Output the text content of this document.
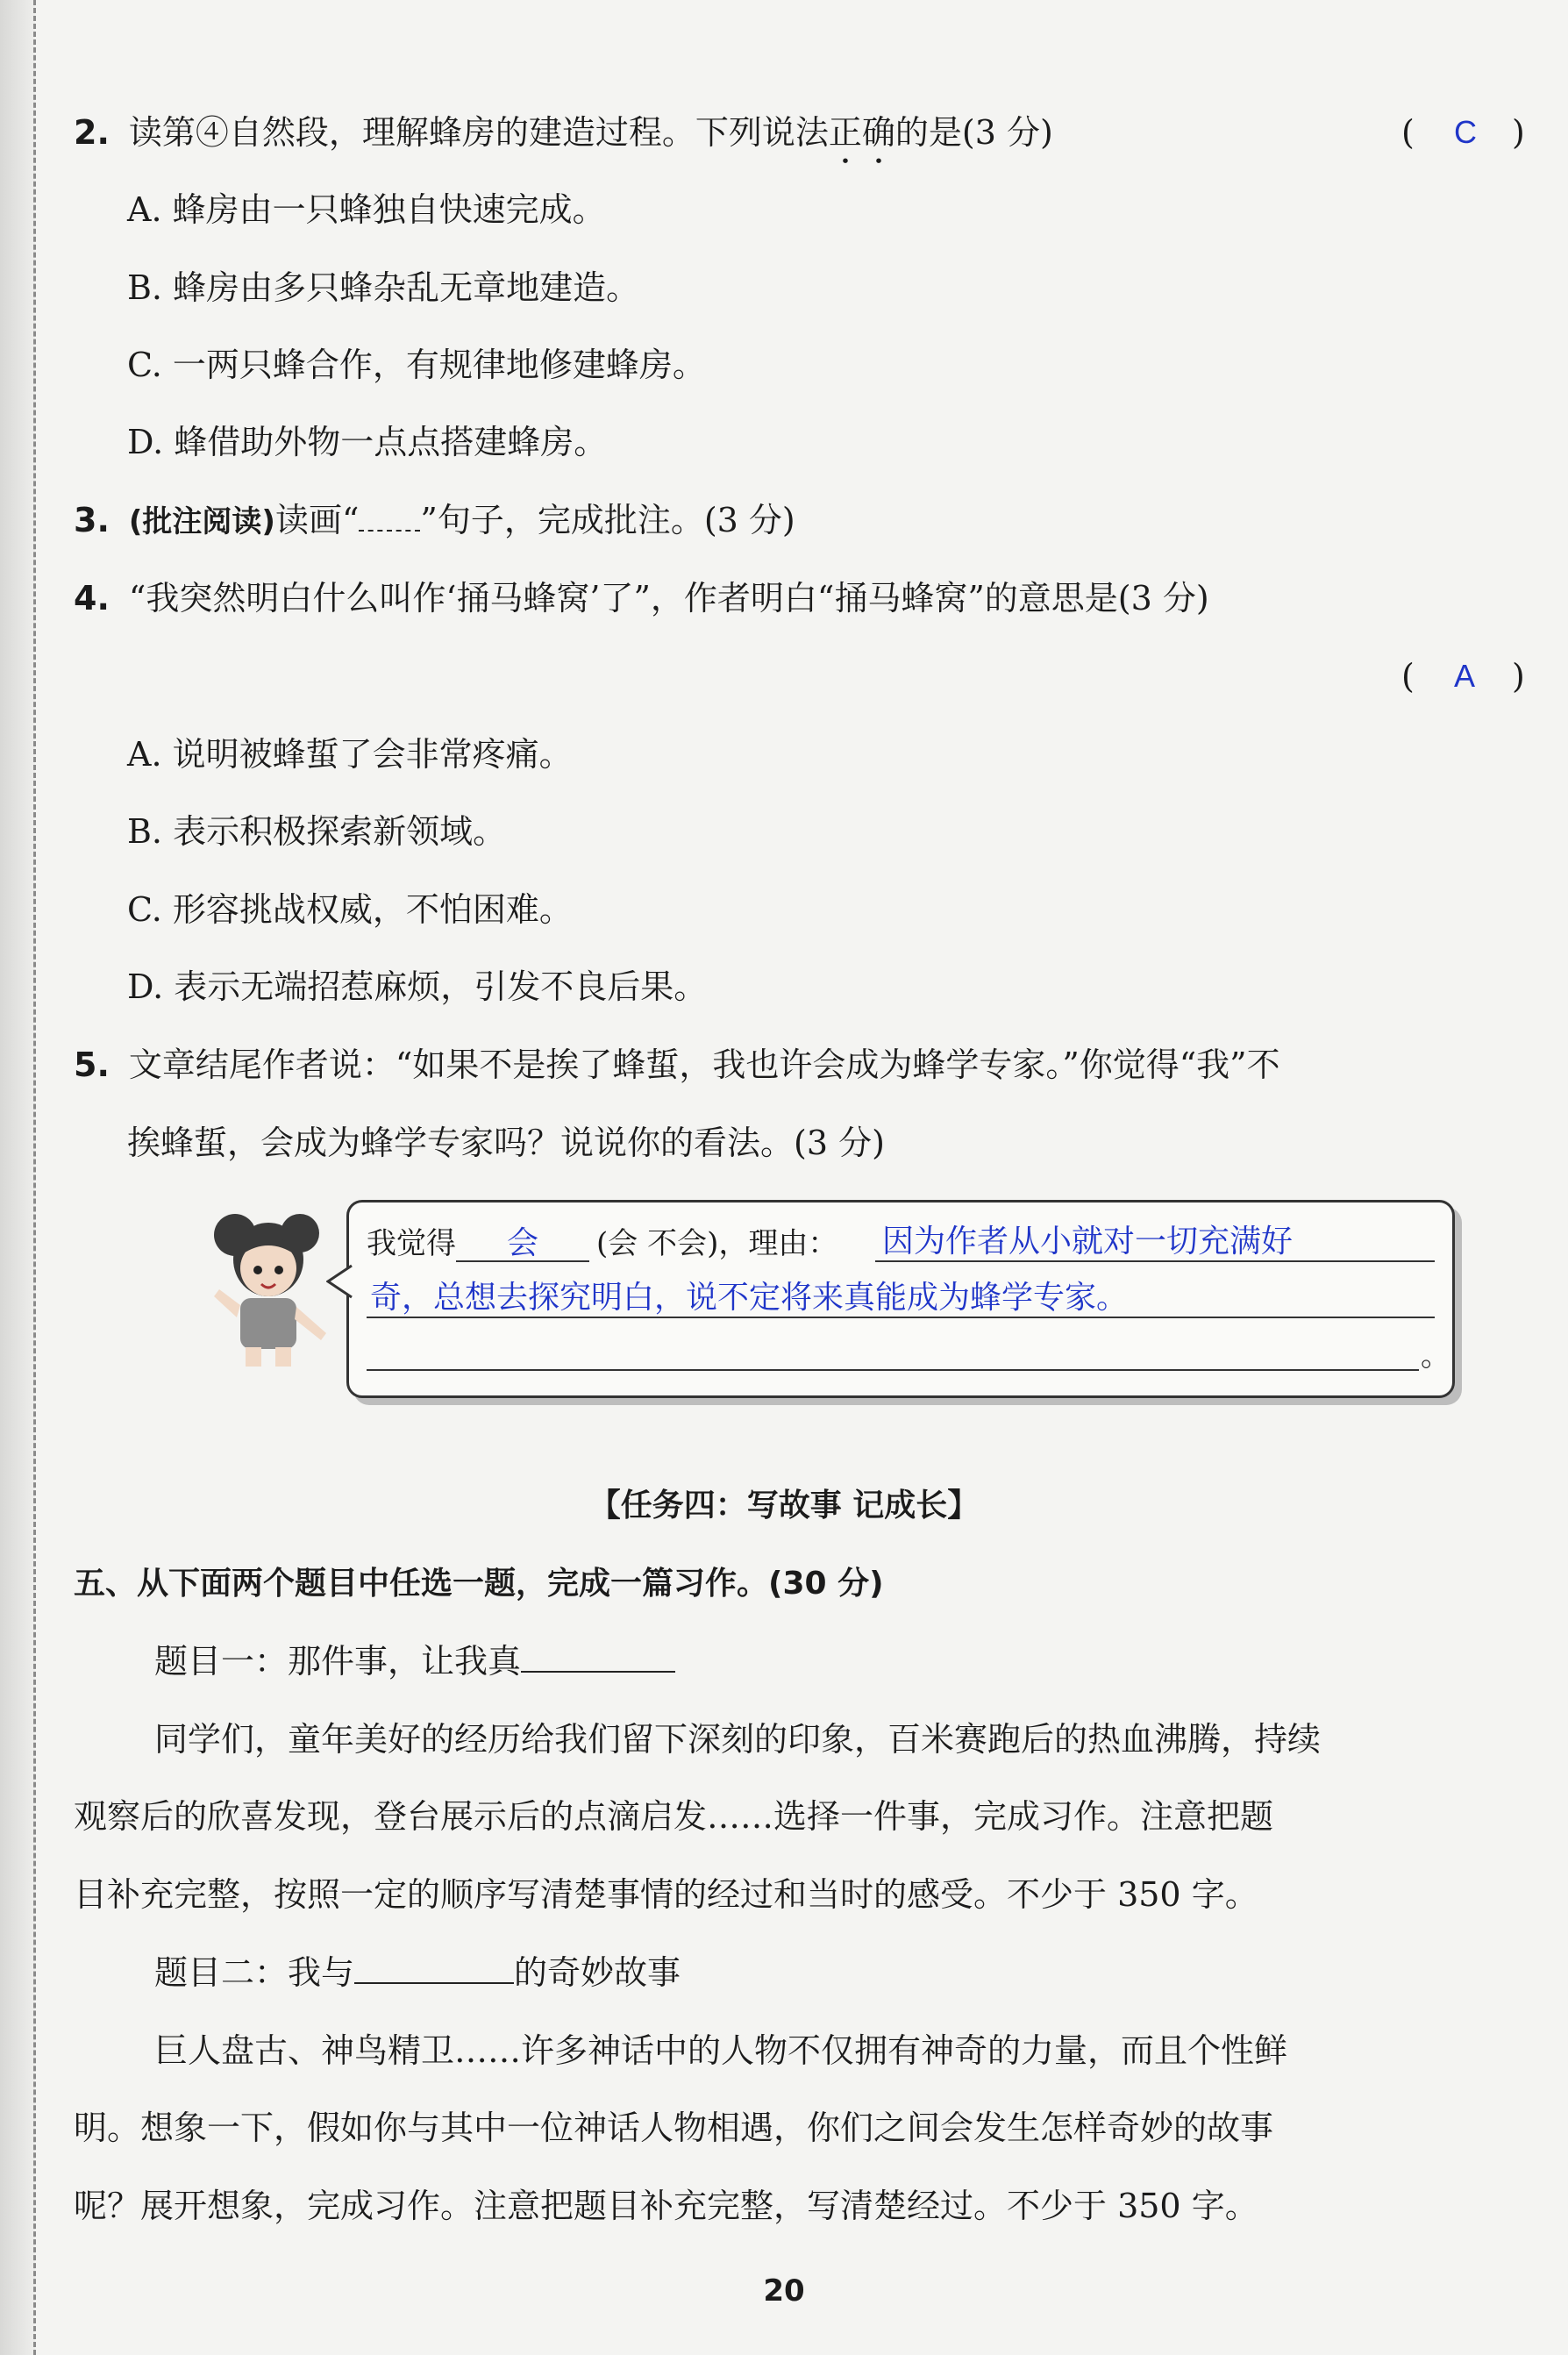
2. 读第④自然段，理解蜂房的建造过程。下列说法正确的是(3 分)	( C )
A. 蜂房由一只蜂独自快速完成。
B. 蜂房由多只蜂杂乱无章地建造。
C. 一两只蜂合作，有规律地修建蜂房。
D. 蜂借助外物一点点搭建蜂房。
3. (批注阅读)读画“ ”句子，完成批注。(3 分)
4. “我突然明白什么叫作‘捅马蜂窝’了”，作者明白“捅马蜂窝”的意思是(3 分)
( A )
A. 说明被蜂蜇了会非常疼痛。
B. 表示积极探索新领域。
C. 形容挑战权威，不怕困难。
D. 表示无端招惹麻烦，引发不良后果。
5. 文章结尾作者说：“如果不是挨了蜂蜇，我也许会成为蜂学专家。”你觉得“我”不
挨蜂蜇，会成为蜂学专家吗？说说你的看法。(3 分)
我觉得 会 (会 不会)，理由： 因为作者从小就对一切充满好
奇，总想去探究明白，说不定将来真能成为蜂学专家。
。
【任务四：写故事 记成长】
五、从下面两个题目中任选一题，完成一篇习作。(30 分)
题目一：那件事，让我真
同学们，童年美好的经历给我们留下深刻的印象，百米赛跑后的热血沸腾，持续
观察后的欣喜发现，登台展示后的点滴启发……选择一件事，完成习作。注意把题
目补充完整，按照一定的顺序写清楚事情的经过和当时的感受。不少于 350 字。
题目二：我与	的奇妙故事
巨人盘古、神鸟精卫……许多神话中的人物不仅拥有神奇的力量，而且个性鲜
明。想象一下，假如你与其中一位神话人物相遇，你们之间会发生怎样奇妙的故事
呢？展开想象，完成习作。注意把题目补充完整，写清楚经过。不少于 350 字。
20
